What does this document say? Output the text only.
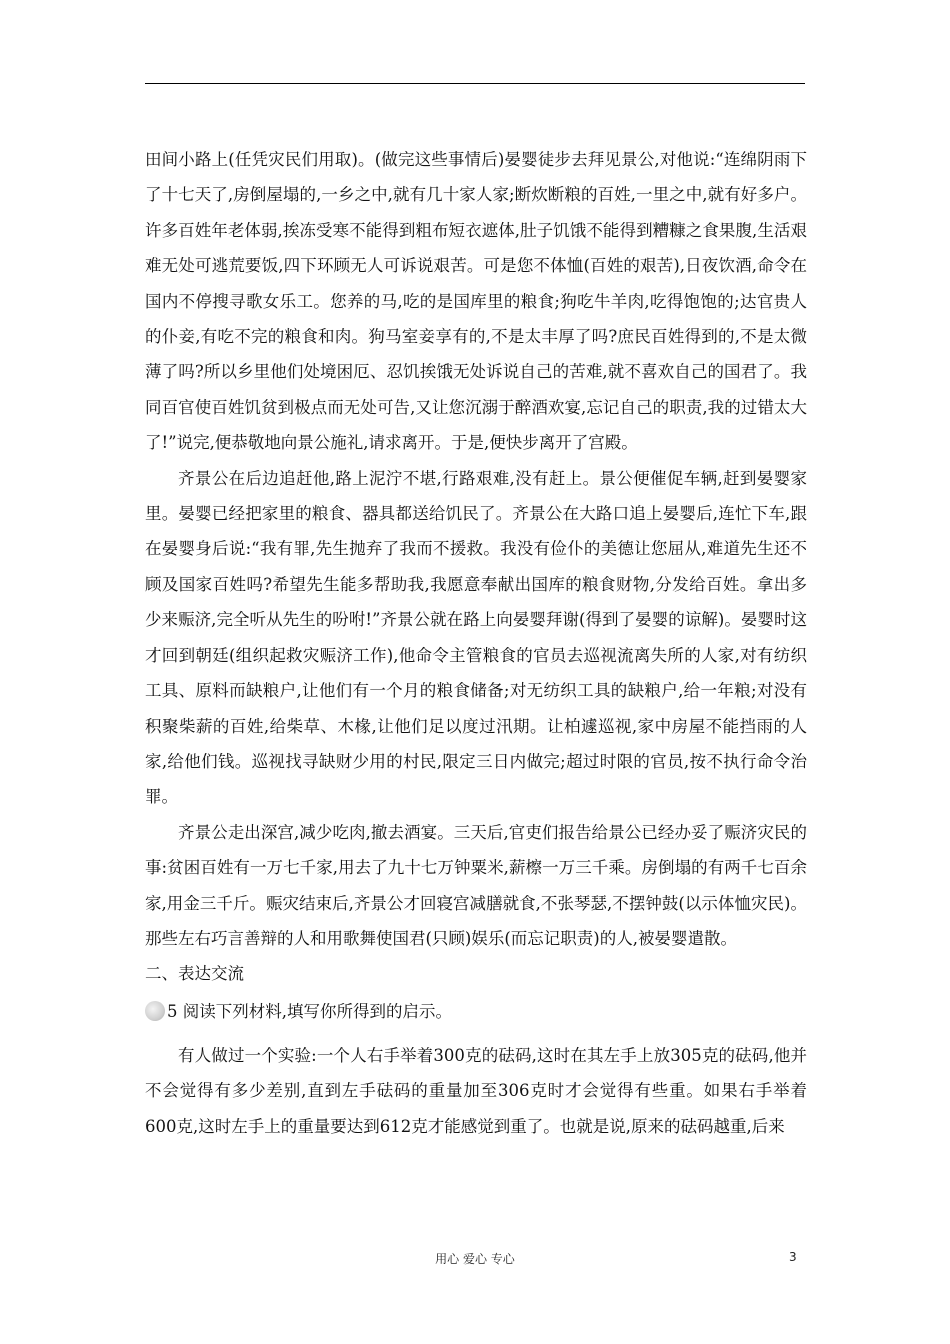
田间小路上(任凭灾民们用取)。(做完这些事情后)晏婴徒步去拜见景公,对他说:“连绵阴雨下了十七天了,房倒屋塌的,一乡之中,就有几十家人家;断炊断粮的百姓,一里之中,就有好多户。许多百姓年老体弱,挨冻受寒不能得到粗布短衣遮体,肚子饥饿不能得到糟糠之食果腹,生活艰难无处可逃荒要饭,四下环顾无人可诉说艰苦。可是您不体恤(百姓的艰苦),日夜饮酒,命令在国内不停搜寻歌女乐工。您养的马,吃的是国库里的粮食;狗吃牛羊肉,吃得饱饱的;达官贵人的仆妾,有吃不完的粮食和肉。狗马室妾享有的,不是太丰厚了吗?庶民百姓得到的,不是太微薄了吗?所以乡里他们处境困厄、忍饥挨饿无处诉说自己的苦难,就不喜欢自己的国君了。我同百官使百姓饥贫到极点而无处可告,又让您沉溺于醉酒欢宴,忘记自己的职责,我的过错太大了!”说完,便恭敬地向景公施礼,请求离开。于是,便快步离开了宫殿。

齐景公在后边追赶他,路上泥泞不堪,行路艰难,没有赶上。景公便催促车辆,赶到晏婴家里。晏婴已经把家里的粮食、器具都送给饥民了。齐景公在大路口追上晏婴后,连忙下车,跟在晏婴身后说:“我有罪,先生抛弃了我而不援救。我没有俭仆的美德让您屈从,难道先生还不顾及国家百姓吗?希望先生能多帮助我,我愿意奉献出国库的粮食财物,分发给百姓。拿出多少来赈济,完全听从先生的吩咐!”齐景公就在路上向晏婴拜谢(得到了晏婴的谅解)。晏婴时这才回到朝廷(组织起救灾赈济工作),他命令主管粮食的官员去巡视流离失所的人家,对有纺织工具、原料而缺粮户,让他们有一个月的粮食储备;对无纺织工具的缺粮户,给一年粮;对没有积聚柴薪的百姓,给柴草、木椽,让他们足以度过汛期。让柏遽巡视,家中房屋不能挡雨的人家,给他们钱。巡视找寻缺财少用的村民,限定三日内做完;超过时限的官员,按不执行命令治罪。

齐景公走出深宫,减少吃肉,撤去酒宴。三天后,官吏们报告给景公已经办妥了赈济灾民的事:贫困百姓有一万七千家,用去了九十七万钟粟米,薪檫一万三千乘。房倒塌的有两千七百余家,用金三千斤。赈灾结束后,齐景公才回寝宫减膳就食,不张琴瑟,不摆钟鼓(以示体恤灾民)。那些左右巧言善辩的人和用歌舞使国君(只顾)娱乐(而忘记职责)的人,被晏婴遣散。

二、表达交流

5 阅读下列材料,填写你所得到的启示。

有人做过一个实验:一个人右手举着300克的砝码,这时在其左手上放305克的砝码,他并不会觉得有多少差别,直到左手砝码的重量加至306克时才会觉得有些重。如果右手举着600克,这时左手上的重量要达到612克才能感觉到重了。也就是说,原来的砝码越重,后来

用心 爱心 专心	3
